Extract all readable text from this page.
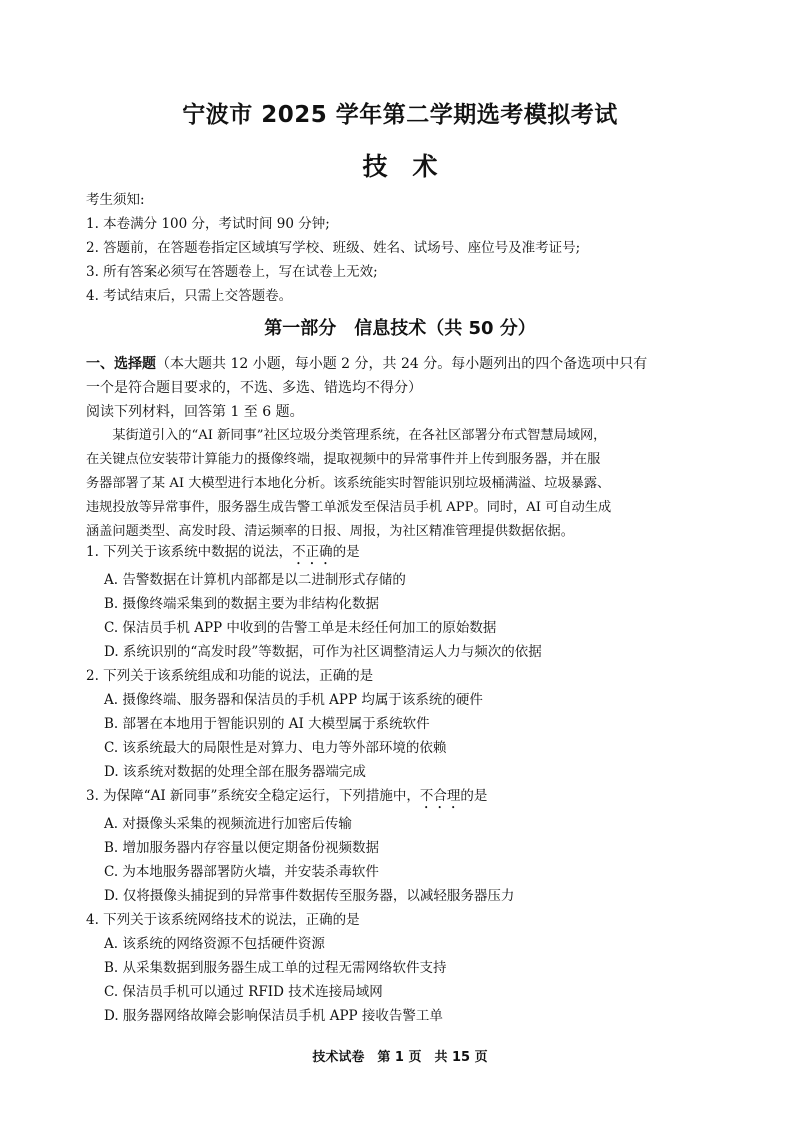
宁波市 2025 学年第二学期选考模拟考试
技　术
考生须知:
1. 本卷满分 100 分，考试时间 90 分钟;
2. 答题前，在答题卷指定区域填写学校、班级、姓名、试场号、座位号及准考证号;
3. 所有答案必须写在答题卷上，写在试卷上无效;
4. 考试结束后，只需上交答题卷。
第一部分　信息技术（共 50 分）
一、选择题（本大题共 12 小题，每小题 2 分，共 24 分。每小题列出的四个备选项中只有
一个是符合题目要求的，不选、多选、错选均不得分）
阅读下列材料，回答第 1 至 6 题。
　　某街道引入的“AI 新同事”社区垃圾分类管理系统，在各社区部署分布式智慧局域网，
在关键点位安装带计算能力的摄像终端，提取视频中的异常事件并上传到服务器，并在服
务器部署了某 AI 大模型进行本地化分析。该系统能实时智能识别垃圾桶满溢、垃圾暴露、
违规投放等异常事件，服务器生成告警工单派发至保洁员手机 APP。同时，AI 可自动生成
涵盖问题类型、高发时段、清运频率的日报、周报，为社区精准管理提供数据依据。
1. 下列关于该系统中数据的说法，不正确的是
A. 告警数据在计算机内部都是以二进制形式存储的
B. 摄像终端采集到的数据主要为非结构化数据
C. 保洁员手机 APP 中收到的告警工单是未经任何加工的原始数据
D. 系统识别的“高发时段”等数据，可作为社区调整清运人力与频次的依据
2. 下列关于该系统组成和功能的说法，正确的是
A. 摄像终端、服务器和保洁员的手机 APP 均属于该系统的硬件
B. 部署在本地用于智能识别的 AI 大模型属于系统软件
C. 该系统最大的局限性是对算力、电力等外部环境的依赖
D. 该系统对数据的处理全部在服务器端完成
3. 为保障“AI 新同事”系统安全稳定运行，下列措施中，不合理的是
A. 对摄像头采集的视频流进行加密后传输
B. 增加服务器内存容量以便定期备份视频数据
C. 为本地服务器部署防火墙，并安装杀毒软件
D. 仅将摄像头捕捉到的异常事件数据传至服务器，以减轻服务器压力
4. 下列关于该系统网络技术的说法，正确的是
A. 该系统的网络资源不包括硬件资源
B. 从采集数据到服务器生成工单的过程无需网络软件支持
C. 保洁员手机可以通过 RFID 技术连接局域网
D. 服务器网络故障会影响保洁员手机 APP 接收告警工单
技术试卷　第 1 页　共 15 页
